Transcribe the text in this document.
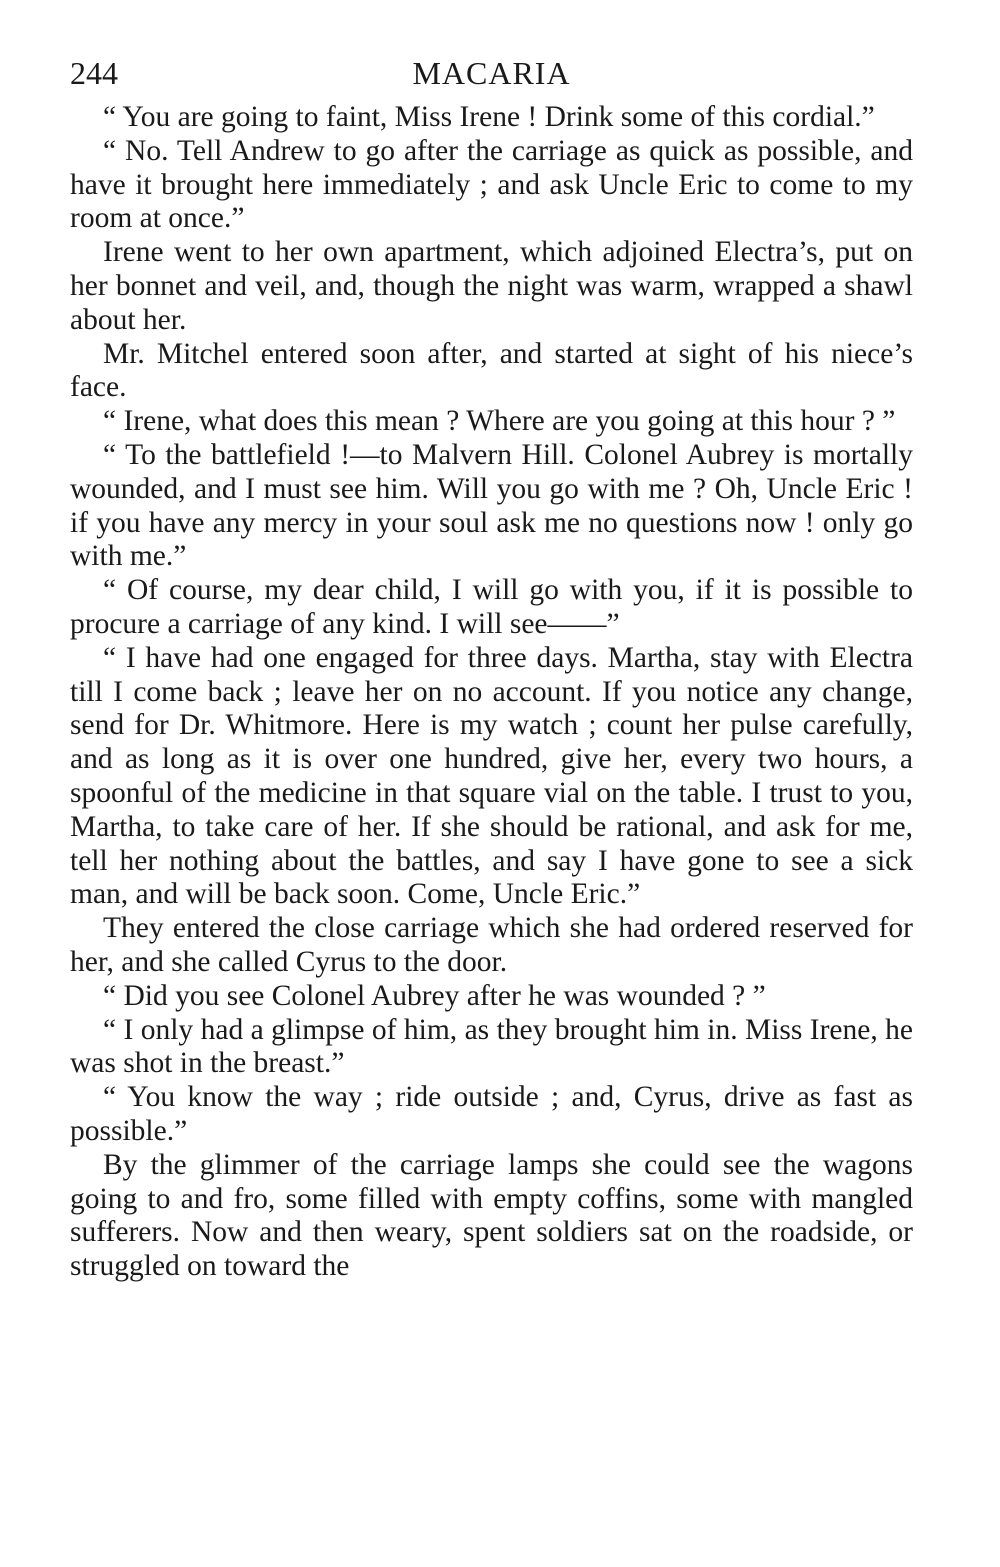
244	MACARIA

“ You are going to faint, Miss Irene ! Drink some of this cordial.”

“ No. Tell Andrew to go after the carriage as quick as possible, and have it brought here immediately ; and ask Uncle Eric to come to my room at once.”

Irene went to her own apartment, which adjoined Electra’s, put on her bonnet and veil, and, though the night was warm, wrapped a shawl about her.

Mr. Mitchel entered soon after, and started at sight of his niece’s face.

“ Irene, what does this mean ? Where are you going at this hour ? ”

“ To the battlefield !—to Malvern Hill. Colonel Aubrey is mortally wounded, and I must see him. Will you go with me ? Oh, Uncle Eric ! if you have any mercy in your soul ask me no questions now ! only go with me.”

“ Of course, my dear child, I will go with you, if it is possible to procure a carriage of any kind. I will see——”

“ I have had one engaged for three days. Martha, stay with Electra till I come back ; leave her on no account. If you notice any change, send for Dr. Whitmore. Here is my watch ; count her pulse carefully, and as long as it is over one hundred, give her, every two hours, a spoonful of the medicine in that square vial on the table. I trust to you, Martha, to take care of her. If she should be rational, and ask for me, tell her nothing about the battles, and say I have gone to see a sick man, and will be back soon. Come, Uncle Eric.”

They entered the close carriage which she had ordered reserved for her, and she called Cyrus to the door.

“ Did you see Colonel Aubrey after he was wounded ? ”

“ I only had a glimpse of him, as they brought him in. Miss Irene, he was shot in the breast.”

“ You know the way ; ride outside ; and, Cyrus, drive as fast as possible.”

By the glimmer of the carriage lamps she could see the wagons going to and fro, some filled with empty coffins, some with mangled sufferers. Now and then weary, spent soldiers sat on the roadside, or struggled on toward the
